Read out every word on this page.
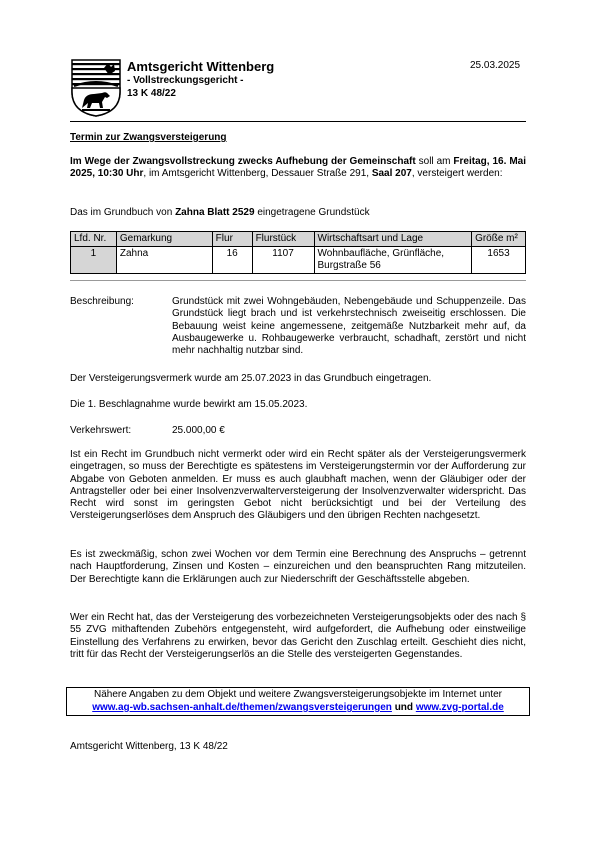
Amtsgericht Wittenberg
- Vollstreckungsgericht -
13 K 48/22
25.03.2025
Termin zur Zwangsversteigerung
Im Wege der Zwangsvollstreckung zwecks Aufhebung der Gemeinschaft soll am Freitag, 16. Mai 2025, 10:30 Uhr, im Amtsgericht Wittenberg, Dessauer Straße 291, Saal 207, versteigert werden:
Das im Grundbuch von Zahna Blatt 2529 eingetragene Grundstück
Lfd. Nr.	Gemarkung	Flur	Flurstück	Wirtschaftsart und Lage	Größe m²
1	Zahna	16	1107	Wohnbaufläche, Grünfläche, Burgstraße 56	1653
Beschreibung:	Grundstück mit zwei Wohngebäuden, Nebengebäude und Schuppenzeile. Das Grundstück liegt brach und ist verkehrstechnisch zweiseitig erschlossen. Die Bebauung weist keine angemessene, zeitgemäße Nutzbarkeit mehr auf, da Ausbaugewerke u. Rohbaugewerke verbraucht, schadhaft, zerstört und nicht mehr nachhaltig nutzbar sind.
Der Versteigerungsvermerk wurde am 25.07.2023 in das Grundbuch eingetragen.
Die 1. Beschlagnahme wurde bewirkt am 15.05.2023.
Verkehrswert:	25.000,00 €
Ist ein Recht im Grundbuch nicht vermerkt oder wird ein Recht später als der Versteigerungsvermerk eingetragen, so muss der Berechtigte es spätestens im Versteigerungstermin vor der Aufforderung zur Abgabe von Geboten anmelden. Er muss es auch glaubhaft machen, wenn der Gläubiger oder der Antragsteller oder bei einer Insolvenzverwalterversteigerung der Insolvenzverwalter widerspricht. Das Recht wird sonst im geringsten Gebot nicht berücksichtigt und bei der Verteilung des Versteigerungserlöses dem Anspruch des Gläubigers und den übrigen Rechten nachgesetzt.
Es ist zweckmäßig, schon zwei Wochen vor dem Termin eine Berechnung des Anspruchs – getrennt nach Hauptforderung, Zinsen und Kosten – einzureichen und den beanspruchten Rang mitzuteilen. Der Berechtigte kann die Erklärungen auch zur Niederschrift der Geschäftsstelle abgeben.
Wer ein Recht hat, das der Versteigerung des vorbezeichneten Versteigerungsobjekts oder des nach § 55 ZVG mithaftenden Zubehörs entgegensteht, wird aufgefordert, die Aufhebung oder einstweilige Einstellung des Verfahrens zu erwirken, bevor das Gericht den Zuschlag erteilt. Geschieht dies nicht, tritt für das Recht der Versteigerungserlös an die Stelle des versteigerten Gegenstandes.
Nähere Angaben zu dem Objekt und weitere Zwangsversteigerungsobjekte im Internet unter
www.ag-wb.sachsen-anhalt.de/themen/zwangsversteigerungen und www.zvg-portal.de
Amtsgericht Wittenberg, 13 K 48/22
